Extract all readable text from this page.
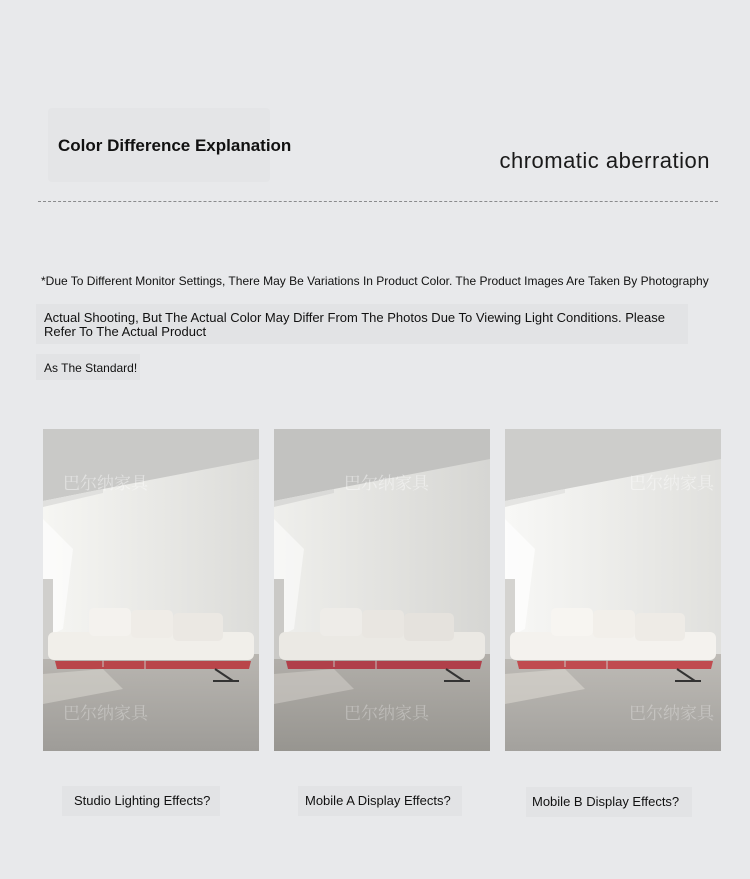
Color Difference Explanation
chromatic aberration
*Due To Different Monitor Settings, There May Be Variations In Product Color. The Product Images Are Taken By Photography
Actual Shooting, But The Actual Color May Differ From The Photos Due To Viewing Light Conditions. Please Refer To The Actual Product
As The Standard!
巴尔纳家具
巴尔纳家具
巴尔纳家具
巴尔纳家具
巴尔纳家具
巴尔纳家具
Studio Lighting Effects?	Mobile A Display Effects?	Mobile B Display Effects?
